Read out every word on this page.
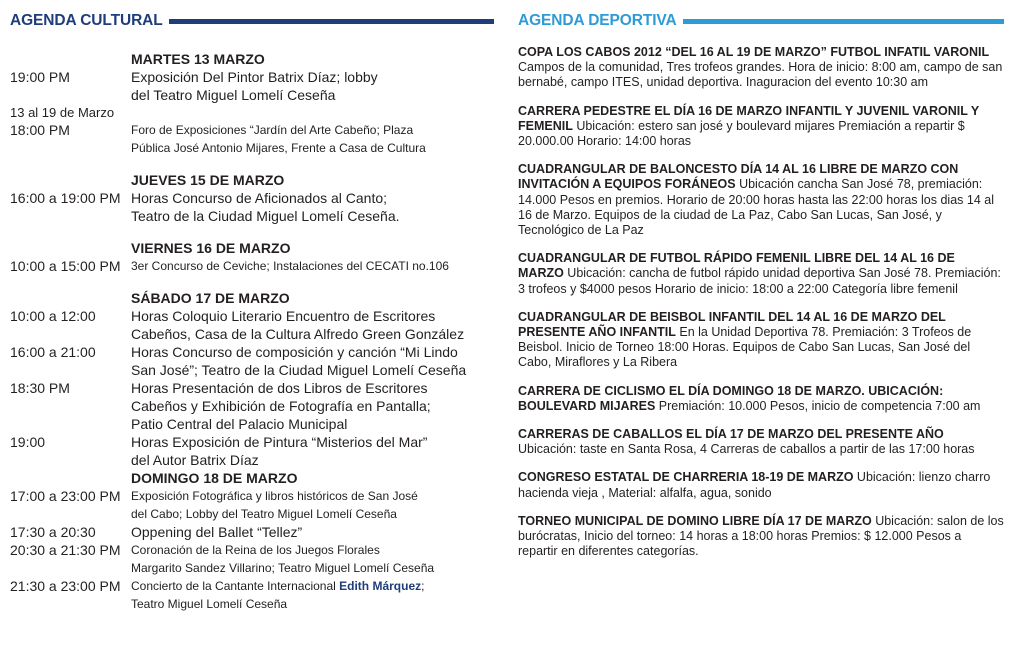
AGENDA CULTURAL
MARTES 13 MARZO
19:00 PM	Exposición Del Pintor Batrix Díaz; lobby
del Teatro Miguel Lomelí Ceseña
13 al 19 de Marzo
18:00 PM	Foro de Exposiciones “Jardín del Arte Cabeño; Plaza
Pública José Antonio Mijares, Frente a Casa de Cultura
JUEVES 15 DE MARZO
16:00 a 19:00 PM Horas Concurso de Aficionados al Canto;
Teatro de la Ciudad Miguel Lomelí Ceseña.
VIERNES 16 DE MARZO
10:00 a 15:00 PM 3er Concurso de Ceviche; Instalaciones del CECATI no.106
SÁBADO 17 DE MARZO
10:00 a 12:00	Horas Coloquio Literario Encuentro de Escritores
Cabeños, Casa de la Cultura Alfredo Green González
16:00 a 21:00	Horas Concurso de composición y canción “Mi Lindo
San José”; Teatro de la Ciudad Miguel Lomelí Ceseña
18:30 PM	Horas Presentación de dos Libros de Escritores
Cabeños y Exhibición de Fotografía en Pantalla;
Patio Central del Palacio Municipal
19:00	Horas Exposición de Pintura “Misterios del Mar”
del Autor Batrix Díaz
DOMINGO 18 DE MARZO
17:00 a 23:00 PM Exposición Fotográfica y libros históricos de San José
del Cabo; Lobby del Teatro Miguel Lomelí Ceseña
17:30 a 20:30	Oppening del Ballet “Tellez”
20:30 a 21:30 PM Coronación de la Reina de los Juegos Florales
Margarito Sandez Villarino; Teatro Miguel Lomelí Ceseña
21:30 a 23:00 PM Concierto de la Cantante Internacional Edith Márquez;
Teatro Miguel Lomelí Ceseña
AGENDA DEPORTIVA
COPA LOS CABOS 2012 “DEL 16 AL 19 DE MARZO” FUTBOL INFATIL VARONIL Campos de la comunidad, Tres trofeos grandes. Hora de inicio: 8:00 am, campo de san bernabé, campo ITES, unidad deportiva. Inaguracion del evento 10:30 am
CARRERA PEDESTRE EL DÍA 16 DE MARZO INFANTIL Y JUVENIL VARONIL Y FEMENIL Ubicación: estero san josé y boulevard mijares Premiación a repartir $ 20.000.00 Horario: 14:00 horas
CUADRANGULAR DE BALONCESTO DÍA 14 AL 16 LIBRE DE MARZO CON INVITACIÓN A EQUIPOS FORÁNEOS Ubicación cancha San José 78, premiación: 14.000 Pesos en premios. Horario de 20:00 horas hasta las 22:00 horas los dias 14 al 16 de Marzo. Equipos de la ciudad de La Paz, Cabo San Lucas, San José, y Tecnológico de La Paz
CUADRANGULAR DE FUTBOL RÁPIDO FEMENIL LIBRE DEL 14 AL 16 DE MARZO Ubicación: cancha de futbol rápido unidad deportiva San José 78. Premiación: 3 trofeos y $4000 pesos Horario de inicio: 18:00 a 22:00 Categoría libre femenil
CUADRANGULAR DE BEISBOL INFANTIL DEL 14 AL 16 DE MARZO DEL PRESENTE AÑO INFANTIL En la Unidad Deportiva 78. Premiación: 3 Trofeos de Beisbol. Inicio de Torneo 18:00 Horas. Equipos de Cabo San Lucas, San José del Cabo, Miraflores y La Ribera
CARRERA DE CICLISMO EL DÍA DOMINGO 18 DE MARZO. UBICACIÓN: BOULEVARD MIJARES Premiación: 10.000 Pesos, inicio de competencia 7:00 am
CARRERAS DE CABALLOS EL DÍA 17 DE MARZO DEL PRESENTE AÑO Ubicación: taste en Santa Rosa, 4 Carreras de caballos a partir de las 17:00 horas
CONGRESO ESTATAL DE CHARRERIA 18-19 DE MARZO Ubicación: lienzo charro hacienda vieja , Material: alfalfa, agua, sonido
TORNEO MUNICIPAL DE DOMINO LIBRE DÍA 17 DE MARZO Ubicación: salon de los burócratas, Inicio del torneo: 14 horas a 18:00 horas Premios: $ 12.000 Pesos a repartir en diferentes categorías.
